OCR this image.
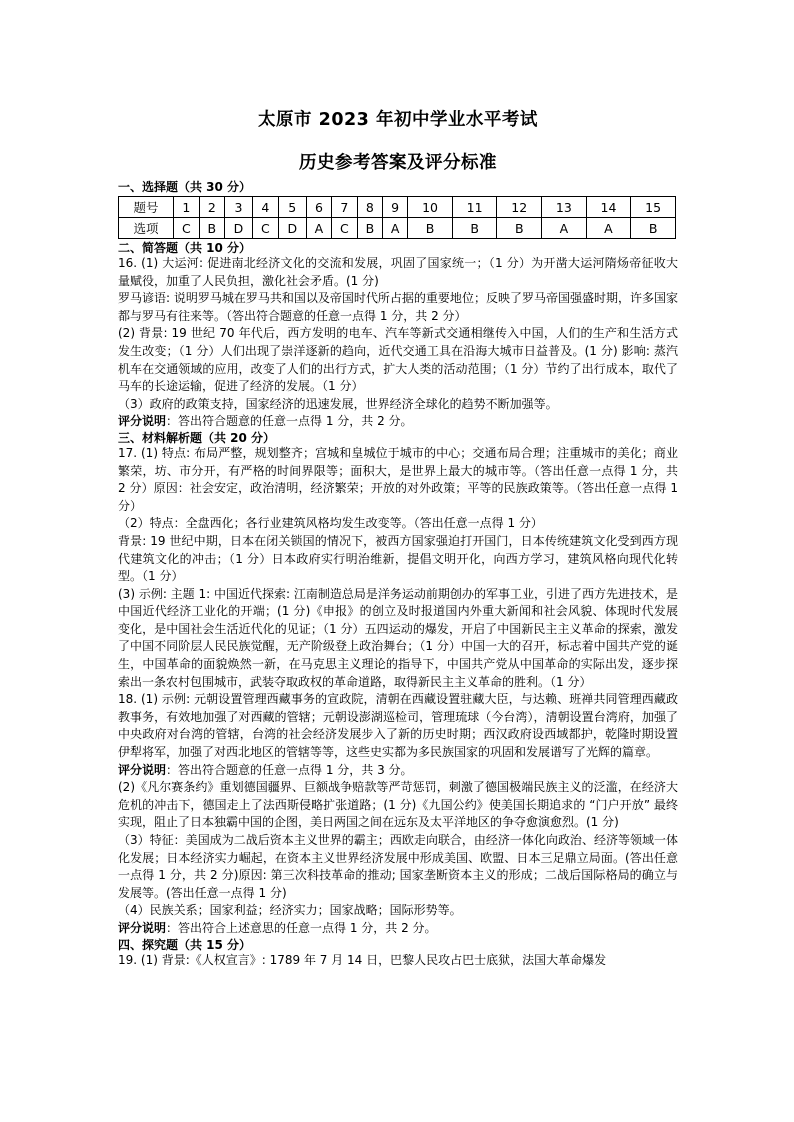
太原市 2023 年初中学业水平考试
历史参考答案及评分标准
一、选择题（共 30 分）
题号	1	2	3	4	5	6	7	8	9	10	11	12	13	14	15
选项	C	B	D	C	D	A	C	B	A	B	B	B	A	A	B
二、简答题（共 10 分）

16. (1) 大运河: 促进南北经济文化的交流和发展，巩固了国家统一；（1 分）为开凿大运河隋炀帝征收大量赋役，加重了人民负担，激化社会矛盾。(1 分)

罗马谚语: 说明罗马城在罗马共和国以及帝国时代所占据的重要地位；反映了罗马帝国强盛时期，许多国家都与罗马有往来等。（答出符合题意的任意一点得 1 分，共 2 分）

(2) 背景: 19 世纪 70 年代后，西方发明的电车、汽车等新式交通相继传入中国，人们的生产和生活方式发生改变；（1 分）人们出现了崇洋逐新的趋向，近代交通工具在沿海大城市日益普及。(1 分) 影响: 蒸汽机车在交通领域的应用，改变了人们的出行方式，扩大人类的活动范围；（1 分）节约了出行成本，取代了马车的长途运输，促进了经济的发展。（1 分）

（3）政府的政策支持，国家经济的迅速发展，世界经济全球化的趋势不断加强等。

评分说明：答出符合题意的任意一点得 1 分，共 2 分。

三、材料解析题（共 20 分）

17. (1) 特点: 布局严整，规划整齐；宫城和皇城位于城市的中心；交通布局合理；注重城市的美化；商业繁荣，坊、市分开，有严格的时间界限等；面积大，是世界上最大的城市等。（答出任意一点得 1 分，共 2 分）原因：社会安定，政治清明，经济繁荣；开放的对外政策；平等的民族政策等。（答出任意一点得 1 分）

（2）特点：全盘西化；各行业建筑风格均发生改变等。（答出任意一点得 1 分）

背景: 19 世纪中期，日本在闭关锁国的情况下，被西方国家强迫打开国门，日本传统建筑文化受到西方现代建筑文化的冲击；（1 分）日本政府实行明治维新，提倡文明开化，向西方学习，建筑风格向现代化转型。（1 分）

(3) 示例: 主题 1: 中国近代探索: 江南制造总局是洋务运动前期创办的军事工业，引进了西方先进技术，是中国近代经济工业化的开端；(1 分)《申报》的创立及时报道国内外重大新闻和社会风貌、体现时代发展变化，是中国社会生活近代化的见证；（1 分）五四运动的爆发，开启了中国新民主主义革命的探索，激发了中国不同阶层人民民族觉醒，无产阶级登上政治舞台；（1 分）中国一大的召开，标志着中国共产党的诞生，中国革命的面貌焕然一新，在马克思主义理论的指导下，中国共产党从中国革命的实际出发，逐步探索出一条农村包围城市，武装夺取政权的革命道路，取得新民主主义革命的胜利。（1 分）

18. (1) 示例: 元朝设置管理西藏事务的宣政院，清朝在西藏设置驻藏大臣，与达赖、班禅共同管理西藏政教事务，有效地加强了对西藏的管辖；元朝设澎湖巡检司，管理琉球（今台湾），清朝设置台湾府，加强了中央政府对台湾的管辖，台湾的社会经济发展步入了新的历史时期；西汉政府设西域都护，乾隆时期设置伊犁将军，加强了对西北地区的管辖等等，这些史实都为多民族国家的巩固和发展谱写了光辉的篇章。

评分说明：答出符合题意的任意一点得 1 分，共 3 分。

(2)《凡尔赛条约》重划德国疆界、巨额战争赔款等严苛惩罚，刺激了德国极端民族主义的泛滥，在经济大危机的冲击下，德国走上了法西斯侵略扩张道路；(1 分)《九国公约》使美国长期追求的 “门户开放” 最终实现，阻止了日本独霸中国的企图，美日两国之间在远东及太平洋地区的争夺愈演愈烈。(1 分)

（3）特征：美国成为二战后资本主义世界的霸主；西欧走向联合，由经济一体化向政治、经济等领域一体化发展；日本经济实力崛起，在资本主义世界经济发展中形成美国、欧盟、日本三足鼎立局面。(答出任意一点得 1 分，共 2 分)原因: 第三次科技革命的推动; 国家垄断资本主义的形成；二战后国际格局的确立与发展等。(答出任意一点得 1 分)

（4）民族关系；国家利益；经济实力；国家战略；国际形势等。

评分说明：答出符合上述意思的任意一点得 1 分，共 2 分。

四、探究题（共 15 分）

19. (1) 背景:《人权宣言》: 1789 年 7 月 14 日，巴黎人民攻占巴士底狱，法国大革命爆发
